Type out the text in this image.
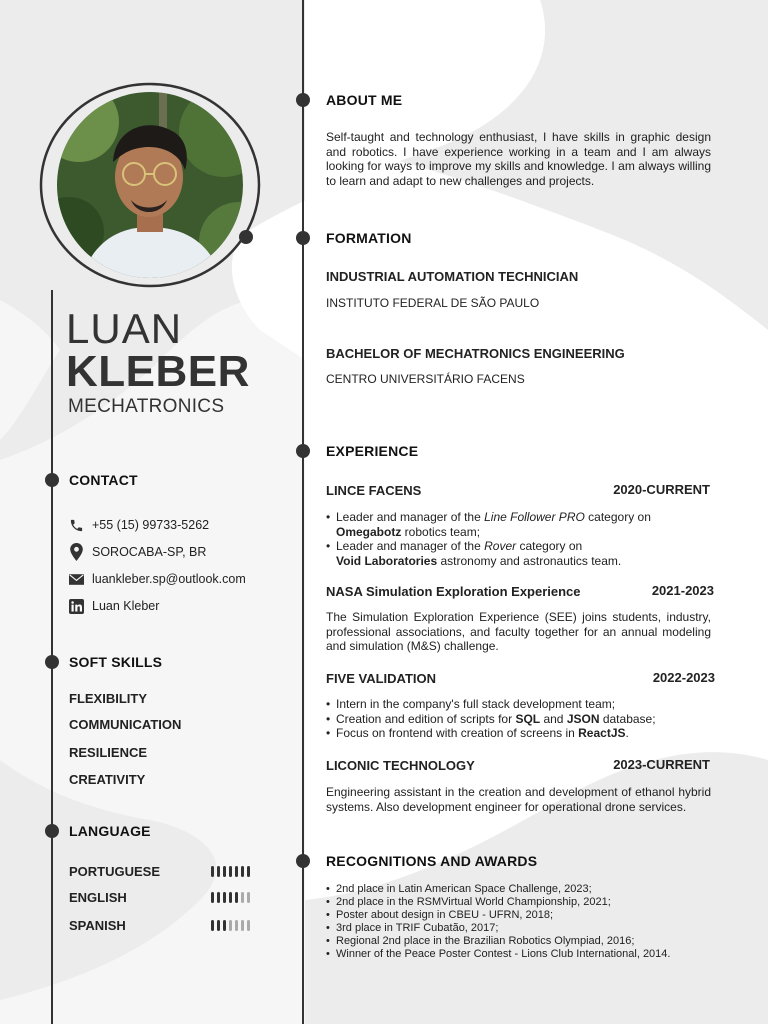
LUAN
KLEBER
MECHATRONICS
CONTACT
+55 (15) 99733-5262
SOROCABA-SP, BR
luankleber.sp@outlook.com
Luan Kleber
SOFT SKILLS
FLEXIBILITY
COMMUNICATION
RESILIENCE
CREATIVITY
LANGUAGE
PORTUGUESE
ENGLISH
SPANISH
ABOUT ME
Self-taught and technology enthusiast, I have skills in graphic design and robotics. I have experience working in a team and I am always looking for ways to improve my skills and knowledge. I am always willing to learn and adapt to new challenges and projects.
FORMATION
INDUSTRIAL AUTOMATION TECHNICIAN
INSTITUTO FEDERAL DE SÃO PAULO
BACHELOR OF MECHATRONICS ENGINEERING
CENTRO UNIVERSITÁRIO FACENS
EXPERIENCE
LINCE FACENS	2020-CURRENT
• Leader and manager of the Line Follower PRO category on
Omegabotz robotics team;
• Leader and manager of the Rover category on
Void Laboratories astronomy and astronautics team.
NASA Simulation Exploration Experience	2021-2023
The Simulation Exploration Experience (SEE) joins students, industry, professional associations, and faculty together for an annual modeling and simulation (M&S) challenge.
FIVE VALIDATION	2022-2023
• Intern in the company's full stack development team;
• Creation and edition of scripts for SQL and JSON database;
• Focus on frontend with creation of screens in ReactJS.
LICONIC TECHNOLOGY	2023-CURRENT
Engineering assistant in the creation and development of ethanol hybrid systems. Also development engineer for operational drone services.
RECOGNITIONS AND AWARDS
• 2nd place in Latin American Space Challenge, 2023;
• 2nd place in the RSMVirtual World Championship, 2021;
• Poster about design in CBEU - UFRN, 2018;
• 3rd place in TRIF Cubatão, 2017;
• Regional 2nd place in the Brazilian Robotics Olympiad, 2016;
• Winner of the Peace Poster Contest - Lions Club International, 2014.
